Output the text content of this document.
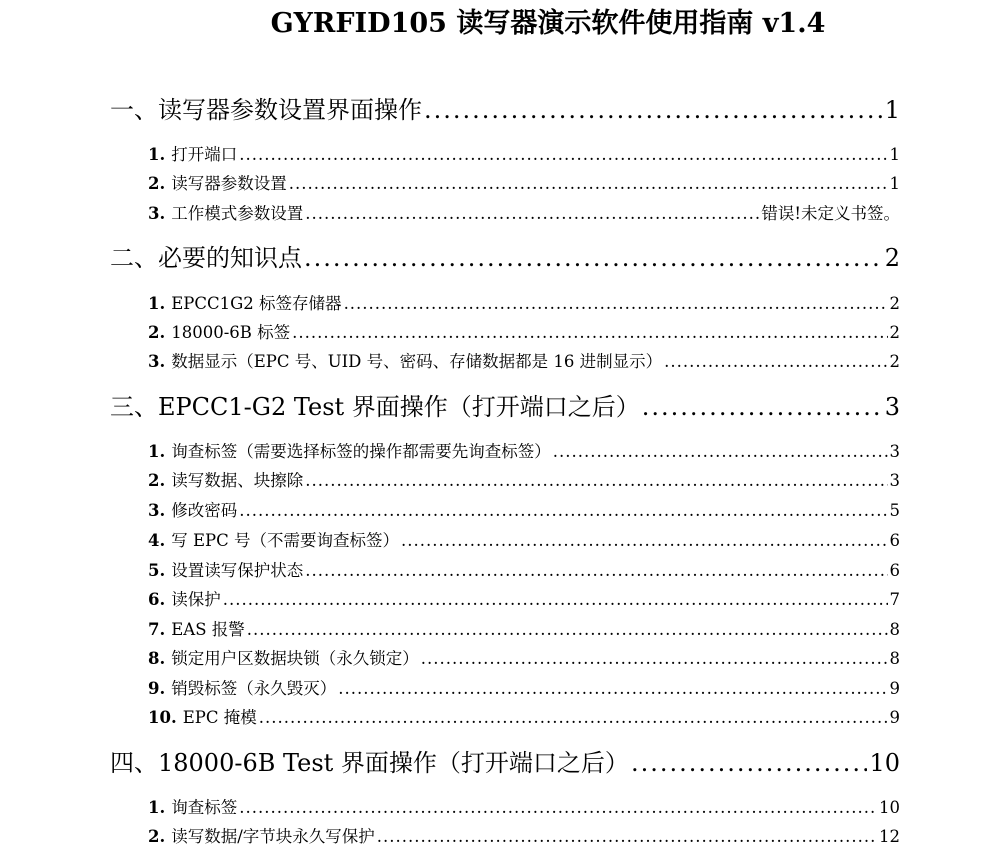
GYRFID105 读写器演示软件使用指南 v1.4
一、读写器参数设置界面操作 .....	1
1. 打开端口 .....	1
2. 读写器参数设置 .....	1
3. 工作模式参数设置 .....	错误!未定义书签。
二、必要的知识点 .....	2
1. EPCC1G2 标签存储器 .....	2
2. 18000-6B 标签 .....	2
3. 数据显示（EPC 号、UID 号、密码、存储数据都是 16 进制显示） .....	2
三、EPCC1-G2 Test 界面操作（打开端口之后） .....	3
1. 询查标签（需要选择标签的操作都需要先询查标签） .....	3
2. 读写数据、块擦除 .....	3
3. 修改密码 .....	5
4. 写 EPC 号（不需要询查标签） .....	6
5. 设置读写保护状态 .....	6
6. 读保护 .....	7
7. EAS 报警 .....	8
8. 锁定用户区数据块锁（永久锁定） .....	8
9. 销毁标签（永久毁灭） .....	9
10. EPC 掩模 .....	9
四、18000-6B Test 界面操作（打开端口之后） .....	10
1. 询查标签 .....	10
2. 读写数据/字节块永久写保护 .....	12
